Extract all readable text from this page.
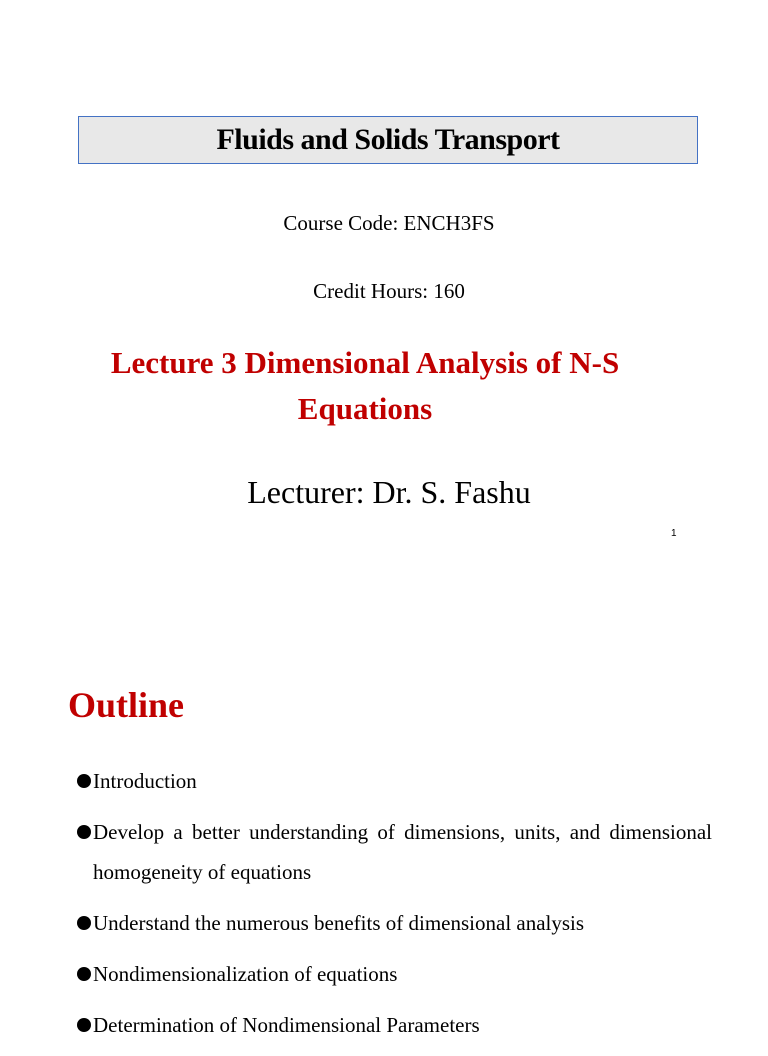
Fluids and Solids Transport
Course Code: ENCH3FS
Credit Hours: 160
Lecture 3 Dimensional Analysis of N-S Equations
Lecturer: Dr. S. Fashu
1
Outline
Introduction
Develop a better understanding of dimensions, units, and dimensional homogeneity of equations
Understand the numerous benefits of dimensional analysis
Nondimensionalization of equations
Determination of Nondimensional Parameters
